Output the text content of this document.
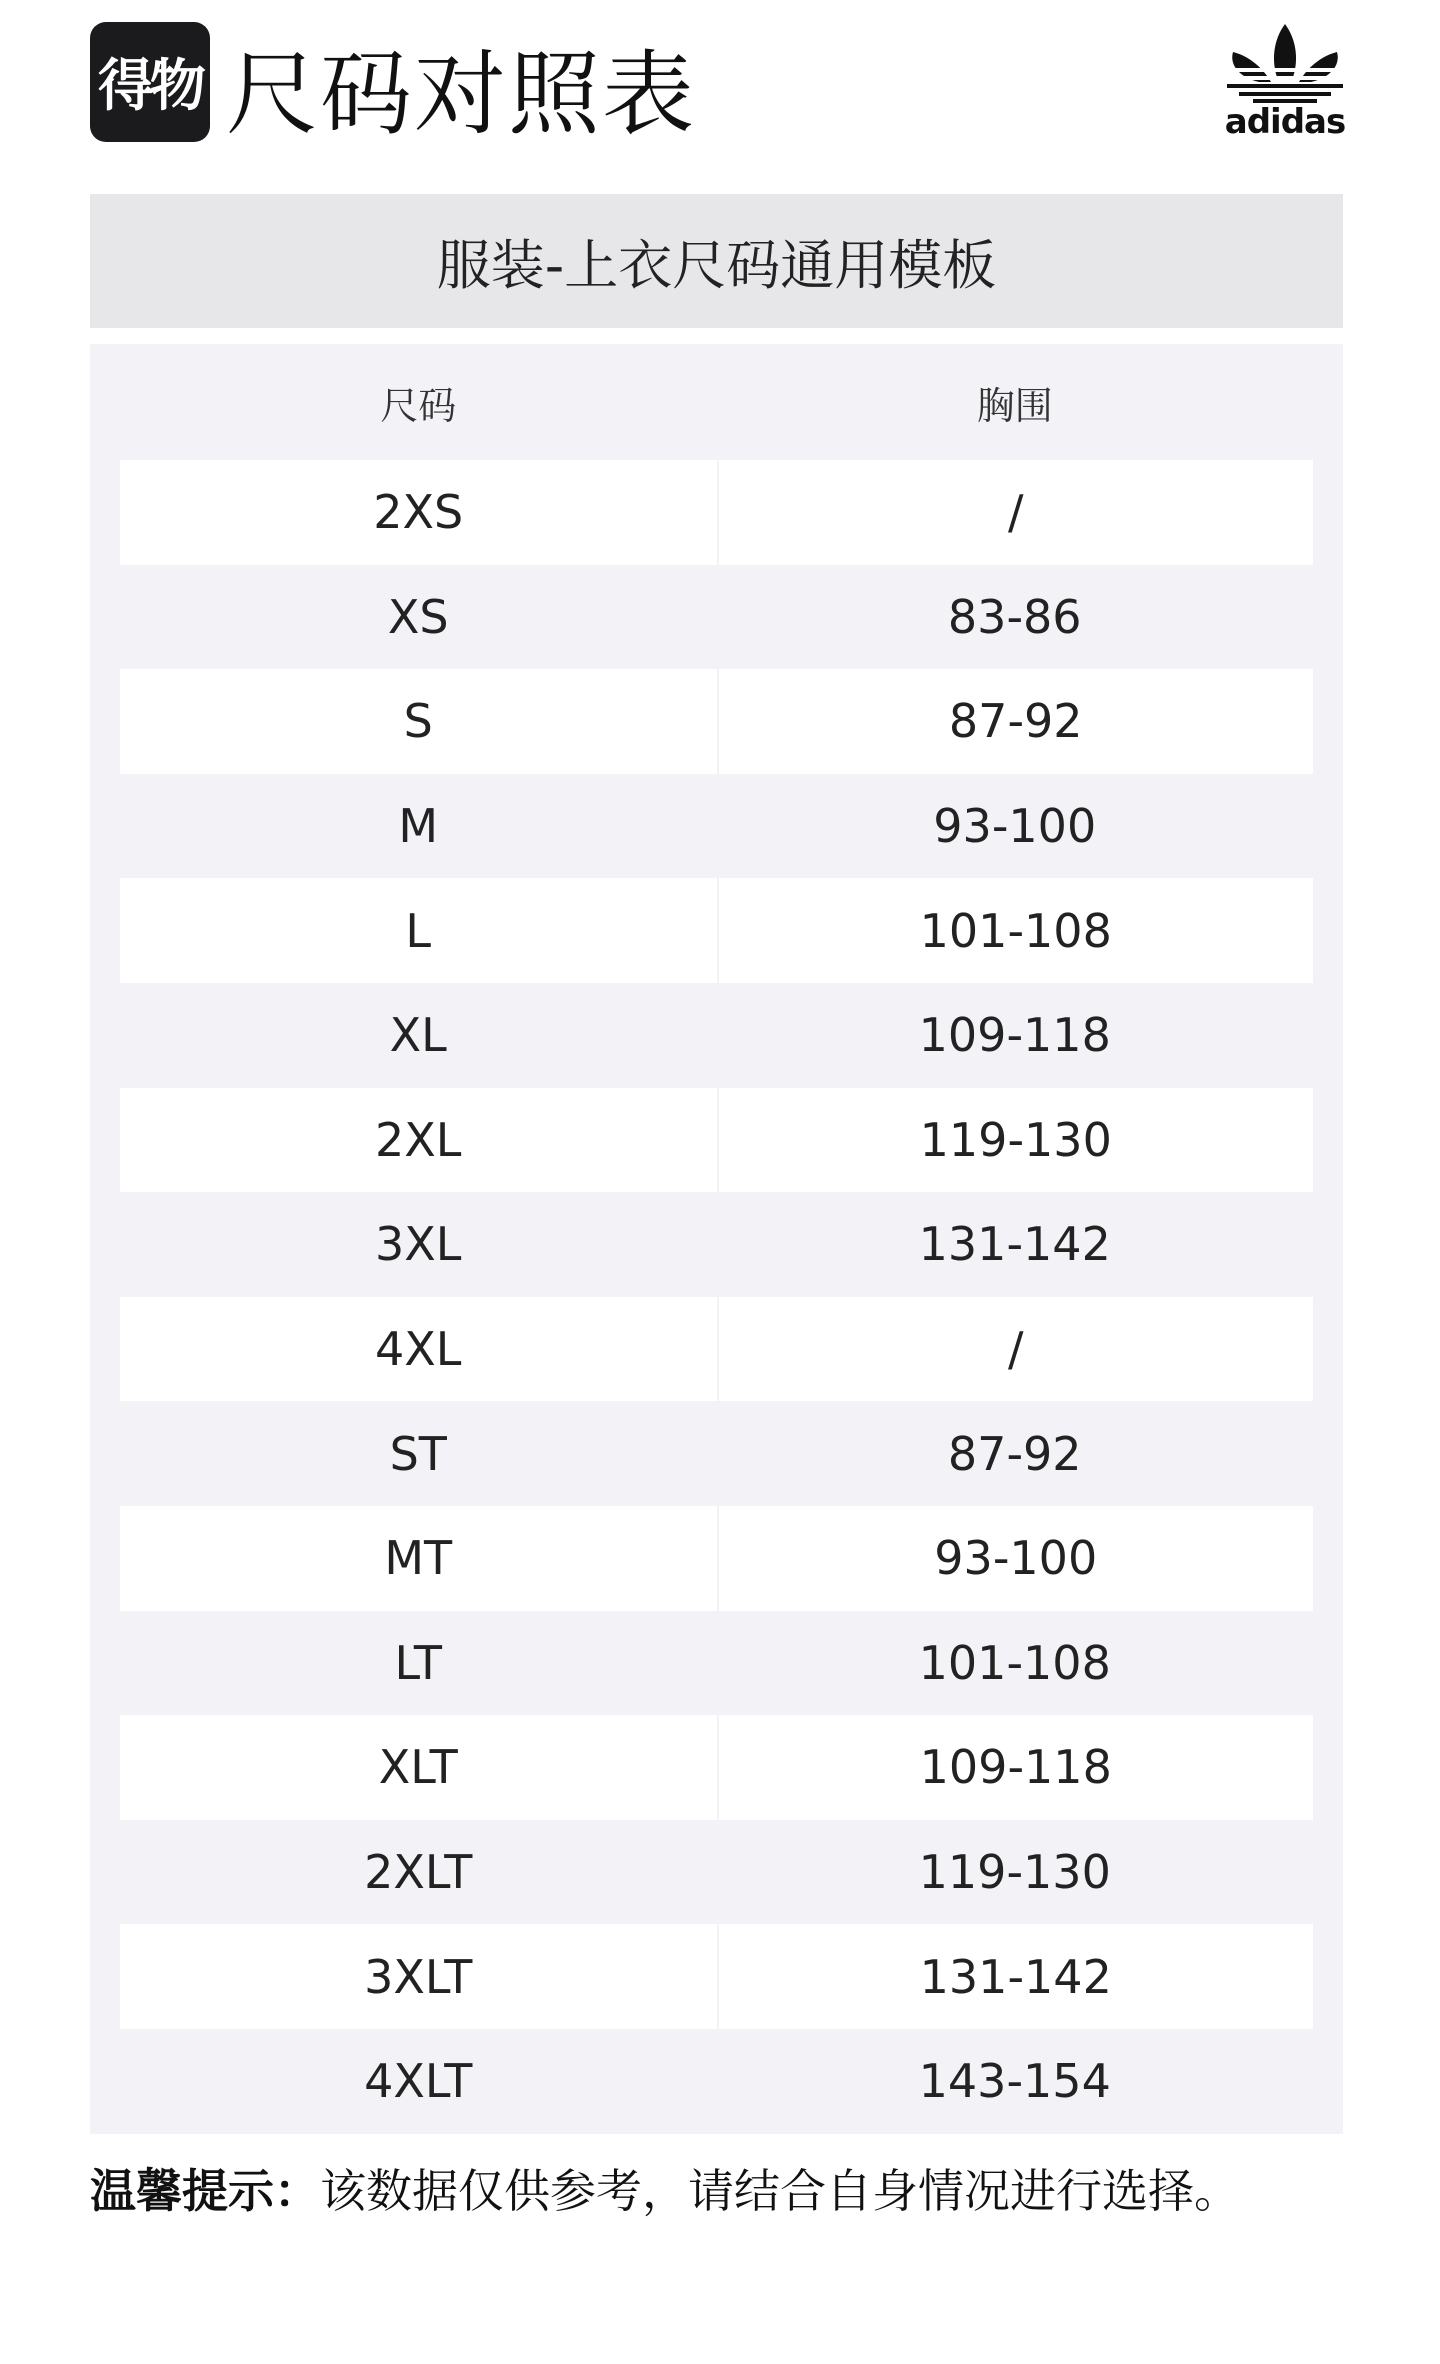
得物 尺码对照表	adidas
服装-上衣尺码通用模板
尺码	胸围
2XS	/
XS	83-86
S	87-92
M	93-100
L	101-108
XL	109-118
2XL	119-130
3XL	131-142
4XL	/
ST	87-92
MT	93-100
LT	101-108
XLT	109-118
2XLT	119-130
3XLT	131-142
4XLT	143-154
温馨提示：该数据仅供参考，请结合自身情况进行选择。
